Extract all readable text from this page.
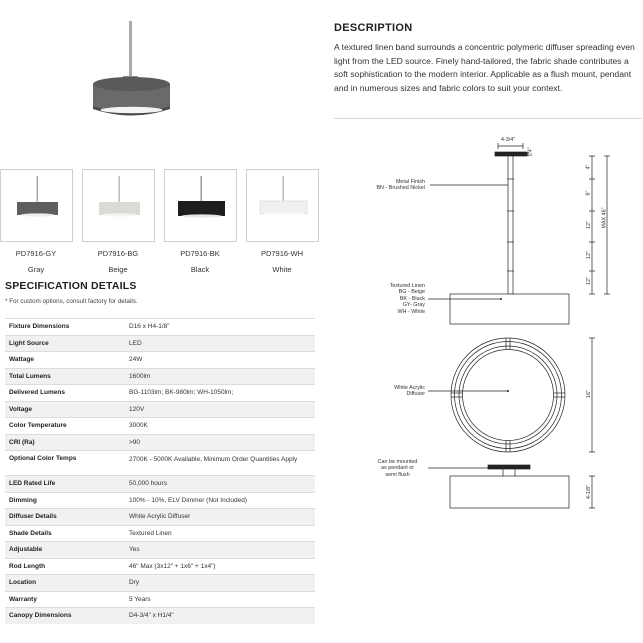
DESCRIPTION
A textured linen band surrounds a concentric polymeric diffuser spreading even light from the LED source. Finely hand-tailored, the fabric shade contributes a soft sophistication to the modern interior. Applicable as a flush mount, pendant and in numerous sizes and fabric colors to suit your context.
PD7916-GY
Gray
PD7916-BG
Beige
PD7916-BK
Black
PD7916-WH
White
SPECIFICATION DETAILS
* For custom options, consult factory for details.
Fixture Dimensions	D16 x H4-1/8"

Light Source	LED

Wattage	24W

Total Lumens	1600lm

Delivered Lumens	BG-1103lm; BK-980lm; WH-1050lm;

Voltage	120V

Color Temperature	3000K

CRI (Ra)	>90

Optional Color Temps	2700K - 5000K Available, Minimum Order Quantities Apply

LED Rated Life	50,000 hours

Dimming	100% - 10%, ELV Dimmer (Not Included)

Diffuser Details	White Acrylic Diffuser

Shade Details	Textured Linen

Adjustable	Yes

Rod Length	46" Max (3x12" + 1x6" + 1x4")

Location	Dry

Warranty	5 Years

Canopy Dimensions	D4-3/4" x H1/4"
4-3/4"
1/4"
Metal Finish
BN - Brushed Nickel
Textured Linen
BG - Beige
BK - Black
GY- Gray
WH - White
White Acrylic
Diffuser
Can be mounted
as pendant or
semi flush
4"
6"
12"
12"
12"
MAX 46"
16"
4-1/8"
